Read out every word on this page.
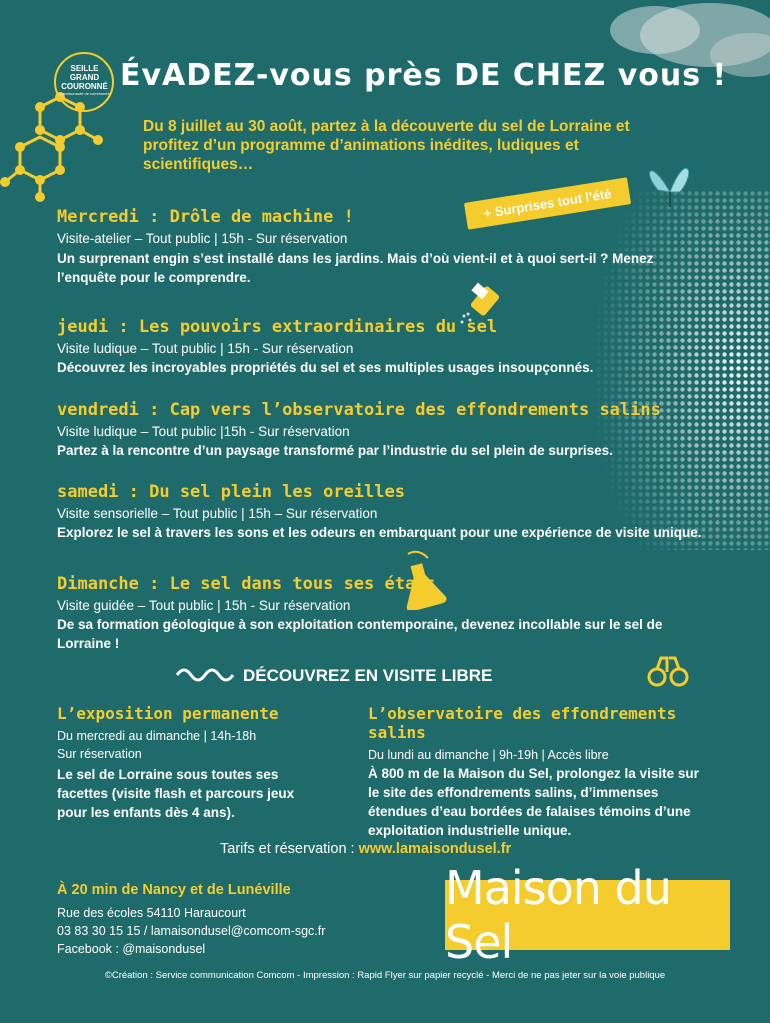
SEILLE
GRAND
COURONNÉ
Communauté de communes
ÉvADEZ-vous près DE CHEZ vous !
Du 8 juillet au 30 août, partez à la découverte du sel de Lorraine et profitez d’un programme d’animations inédites, ludiques et scientifiques…
+ Surprises tout l’été
Mercredi : Drôle de machine !
Visite-atelier – Tout public | 15h - Sur réservation
Un surprenant engin s’est installé dans les jardins. Mais d’où vient-il et à quoi sert-il ? Menez l’enquête pour le comprendre.
jeudi : Les pouvoirs extraordinaires du sel
Visite ludique – Tout public | 15h - Sur réservation
Découvrez les incroyables propriétés du sel et ses multiples usages insoupçonnés.
vendredi : Cap vers l’observatoire des effondrements salins
Visite ludique – Tout public |15h - Sur réservation
Partez à la rencontre d’un paysage transformé par l’industrie du sel plein de surprises.
samedi : Du sel plein les oreilles
Visite sensorielle – Tout public | 15h – Sur réservation
Explorez le sel à travers les sons et les odeurs en embarquant pour une expérience de visite unique.
Dimanche : Le sel dans tous ses états
Visite guidée – Tout public | 15h - Sur réservation
De sa formation géologique à son exploitation contemporaine, devenez incollable sur le sel de Lorraine !
DÉCOUVREZ EN VISITE LIBRE
L’exposition permanente
Du mercredi au dimanche | 14h-18h
Sur réservation
Le sel de Lorraine sous toutes ses facettes (visite flash et parcours jeux pour les enfants dès 4 ans).
L’observatoire des effondrements salins
Du lundi au dimanche | 9h-19h | Accès libre
À 800 m de la Maison du Sel, prolongez la visite sur le site des effondrements salins, d’immenses étendues d’eau bordées de falaises témoins d’une exploitation industrielle unique.
Tarifs et réservation : www.lamaisondusel.fr
À 20 min de Nancy et de Lunéville
Rue des écoles 54110 Haraucourt
03 83 30 15 15 / lamaisondusel@comcom-sgc.fr
Facebook : @maisondusel
Maison du Sel
©Création : Service communication Comcom - Impression : Rapid Flyer sur papier recyclé - Merci de ne pas jeter sur la voie publique
